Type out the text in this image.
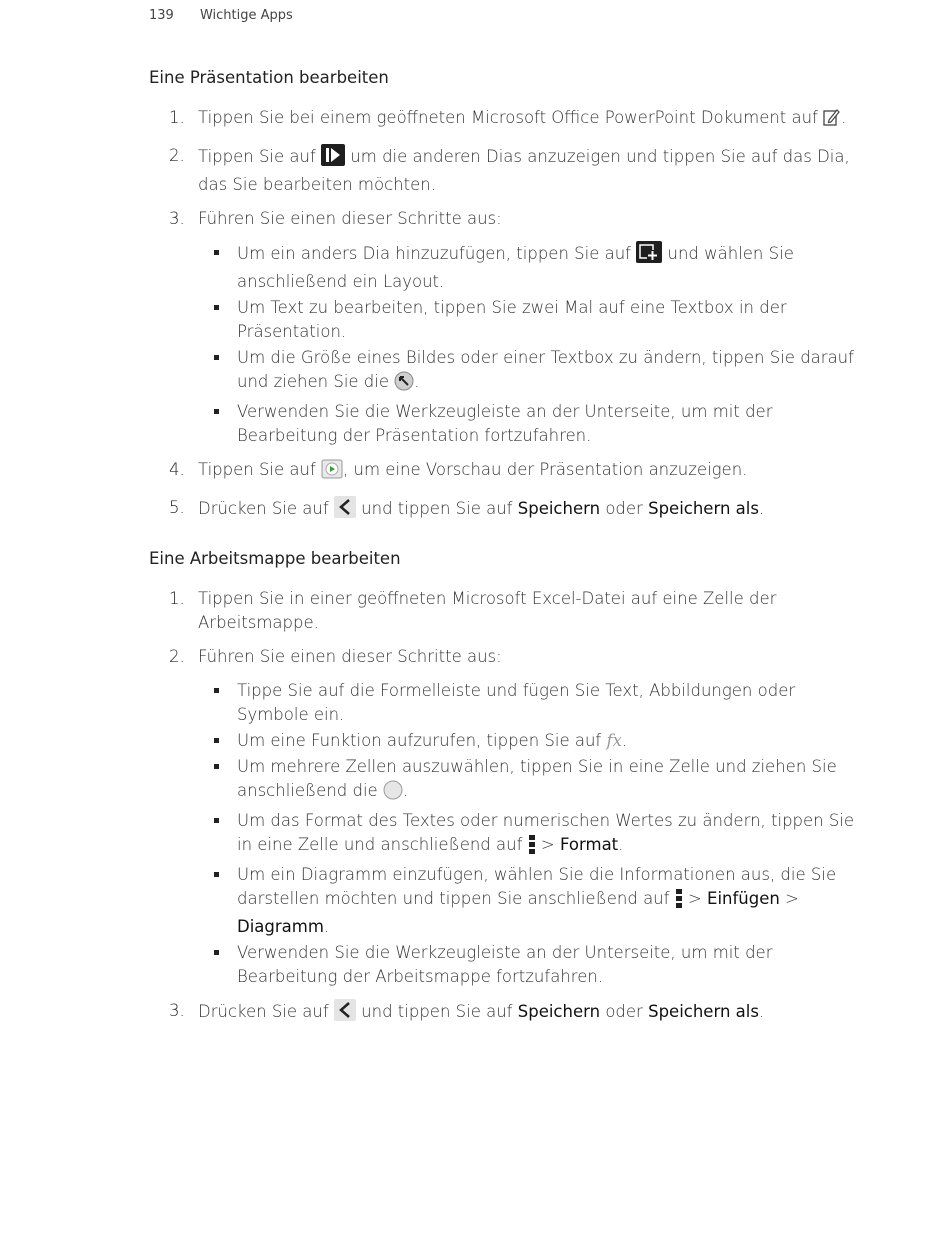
139 Wichtige Apps
Eine Präsentation bearbeiten
1. Tippen Sie bei einem geöffneten Microsoft Office PowerPoint Dokument auf .
2. Tippen Sie auf um die anderen Dias anzuzeigen und tippen Sie auf das Dia, das Sie bearbeiten möchten.
3. Führen Sie einen dieser Schritte aus:
Um ein anders Dia hinzuzufügen, tippen Sie auf und wählen Sie anschließend ein Layout.
Um Text zu bearbeiten, tippen Sie zwei Mal auf eine Textbox in der Präsentation.
Um die Größe eines Bildes oder einer Textbox zu ändern, tippen Sie darauf und ziehen Sie die .
Verwenden Sie die Werkzeugleiste an der Unterseite, um mit der Bearbeitung der Präsentation fortzufahren.
4. Tippen Sie auf , um eine Vorschau der Präsentation anzuzeigen.
5. Drücken Sie auf und tippen Sie auf Speichern oder Speichern als.
Eine Arbeitsmappe bearbeiten
1. Tippen Sie in einer geöffneten Microsoft Excel-Datei auf eine Zelle der Arbeitsmappe.
2. Führen Sie einen dieser Schritte aus:
Tippe Sie auf die Formelleiste und fügen Sie Text, Abbildungen oder Symbole ein.
Um eine Funktion aufzurufen, tippen Sie auf fx.
Um mehrere Zellen auszuwählen, tippen Sie in eine Zelle und ziehen Sie anschließend die .
Um das Format des Textes oder numerischen Wertes zu ändern, tippen Sie in eine Zelle und anschließend auf > Format.
Um ein Diagramm einzufügen, wählen Sie die Informationen aus, die Sie darstellen möchten und tippen Sie anschließend auf > Einfügen > Diagramm.
Verwenden Sie die Werkzeugleiste an der Unterseite, um mit der Bearbeitung der Arbeitsmappe fortzufahren.
3. Drücken Sie auf und tippen Sie auf Speichern oder Speichern als.
